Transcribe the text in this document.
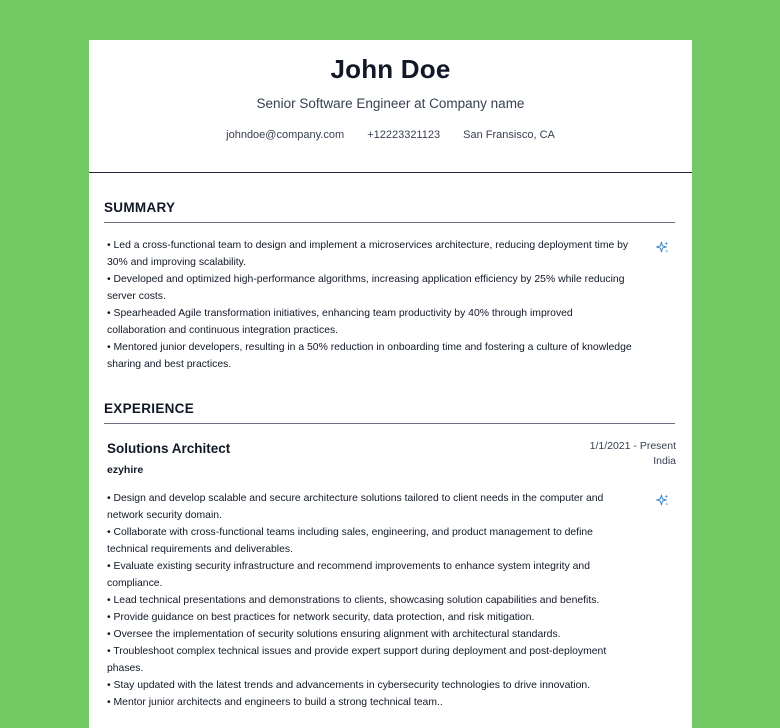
John Doe
Senior Software Engineer at Company name
johndoe@company.com +12223321123 San Fransisco, CA
SUMMARY
• Led a cross-functional team to design and implement a microservices architecture, reducing deployment time by 30% and improving scalability.
• Developed and optimized high-performance algorithms, increasing application efficiency by 25% while reducing server costs.
• Spearheaded Agile transformation initiatives, enhancing team productivity by 40% through improved collaboration and continuous integration practices.
• Mentored junior developers, resulting in a 50% reduction in onboarding time and fostering a culture of knowledge sharing and best practices.
EXPERIENCE
Solutions Architect
ezyhire
1/1/2021 - Present
India
• Design and develop scalable and secure architecture solutions tailored to client needs in the computer and network security domain.
• Collaborate with cross-functional teams including sales, engineering, and product management to define technical requirements and deliverables.
• Evaluate existing security infrastructure and recommend improvements to enhance system integrity and compliance.
• Lead technical presentations and demonstrations to clients, showcasing solution capabilities and benefits.
• Provide guidance on best practices for network security, data protection, and risk mitigation.
• Oversee the implementation of security solutions ensuring alignment with architectural standards.
• Troubleshoot complex technical issues and provide expert support during deployment and post-deployment phases.
• Stay updated with the latest trends and advancements in cybersecurity technologies to drive innovation.
• Mentor junior architects and engineers to build a strong technical team..
